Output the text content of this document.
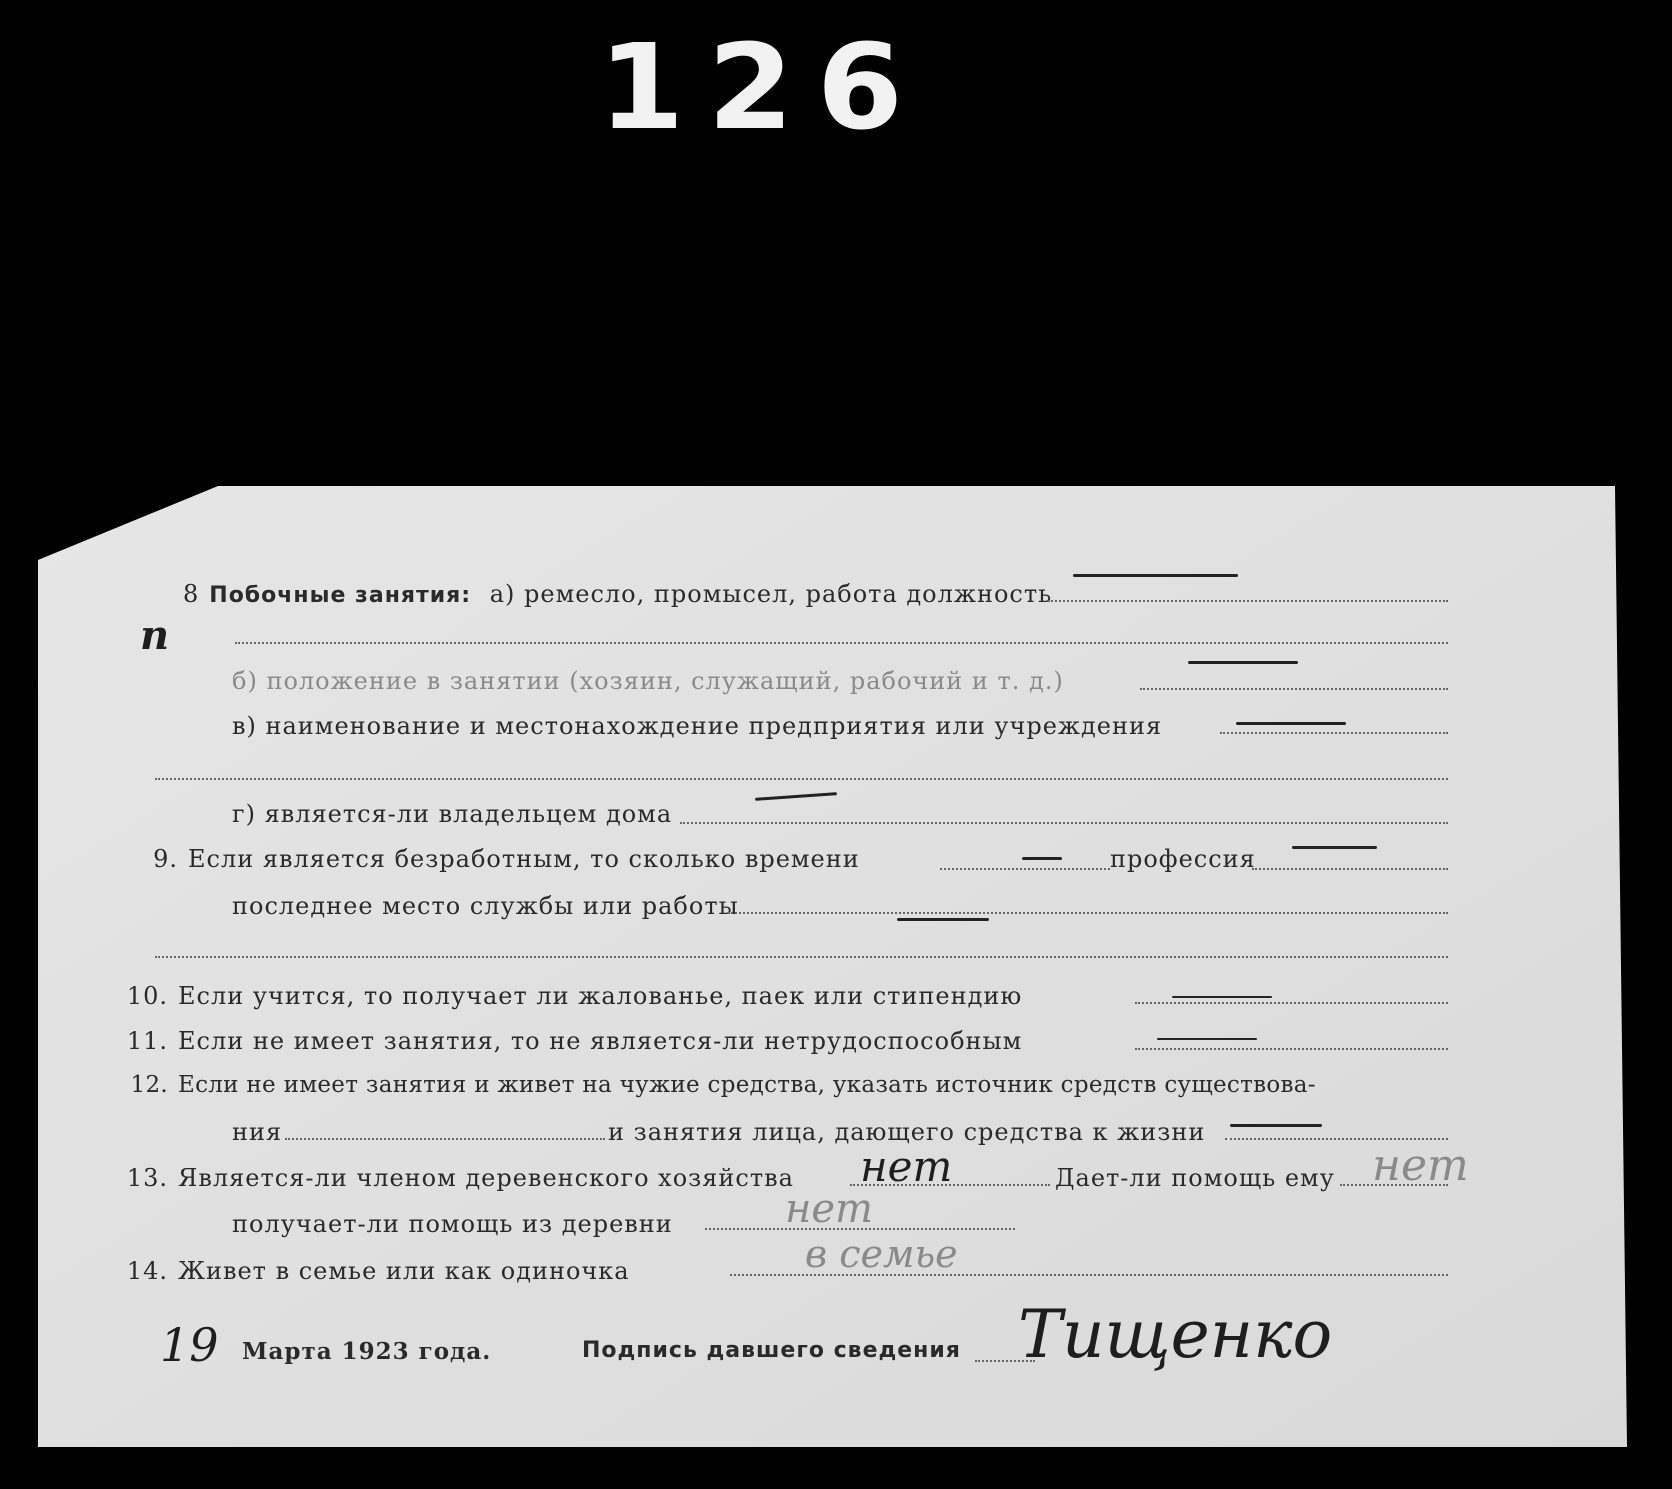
126
8 Побочные занятия: а) ремесло, промысел, работа должность
n
б) положение в занятии (хозяин, служащий, рабочий и т. д.)
в) наименование и местонахождение предприятия или учреждения
г) является-ли владельцем дома
9. Если является безработным, то сколько времени	профессия
последнее место службы или работы
10. Если учится, то получает ли жалованье, паек или стипендию
11. Если не имеет занятия, то не является-ли нетрудоспособным
12. Если не имеет занятия и живет на чужие средства, указать источник средств существова-
ния	и занятия лица, дающего средства к жизни
13. Является-ли членом деревенского хозяйства нет	Дает-ли помощь ему нет
получает-ли помощь из деревни	нет
14. Живет в семье или как одиночка	в семье
19 Марта 1923 года.	Подпись давшего сведения Тищенко
